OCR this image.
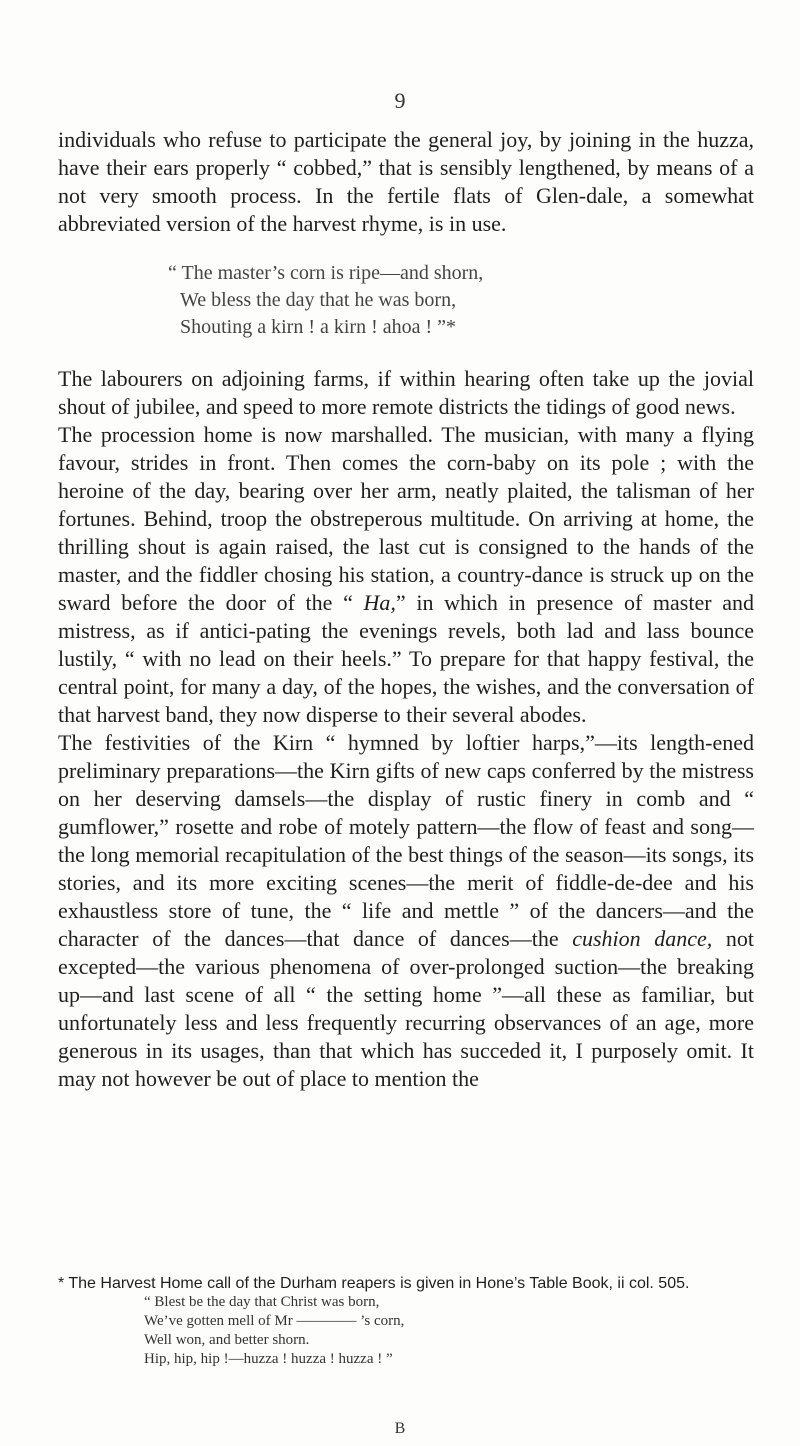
9

individuals who refuse to participate the general joy, by joining in the huzza, have their ears properly “ cobbed,” that is sensibly lengthened, by means of a not very smooth process. In the fertile flats of Glen-dale, a somewhat abbreviated version of the harvest rhyme, is in use.

“ The master’s corn is ripe—and shorn,
We bless the day that he was born,
Shouting a kirn ! a kirn ! ahoa ! ”*

The labourers on adjoining farms, if within hearing often take up the jovial shout of jubilee, and speed to more remote districts the tidings of good news.

The procession home is now marshalled. The musician, with many a flying favour, strides in front. Then comes the corn-baby on its pole ; with the heroine of the day, bearing over her arm, neatly plaited, the talisman of her fortunes. Behind, troop the obstreperous multitude. On arriving at home, the thrilling shout is again raised, the last cut is consigned to the hands of the master, and the fiddler chosing his station, a country-dance is struck up on the sward before the door of the “ Ha,” in which in presence of master and mistress, as if antici-pating the evenings revels, both lad and lass bounce lustily, “ with no lead on their heels.” To prepare for that happy festival, the central point, for many a day, of the hopes, the wishes, and the conversation of that harvest band, they now disperse to their several abodes.

The festivities of the Kirn “ hymned by loftier harps,”—its length-ened preliminary preparations—the Kirn gifts of new caps conferred by the mistress on her deserving damsels—the display of rustic finery in comb and “ gumflower,” rosette and robe of motely pattern—the flow of feast and song—the long memorial recapitulation of the best things of the season—its songs, its stories, and its more exciting scenes—the merit of fiddle-de-dee and his exhaustless store of tune, the “ life and mettle ” of the dancers—and the character of the dances—that dance of dances—the cushion dance, not excepted—the various phenomena of over-prolonged suction—the breaking up—and last scene of all “ the setting home ”—all these as familiar, but unfortunately less and less frequently recurring observances of an age, more generous in its usages, than that which has succeded it, I purposely omit. It may not however be out of place to mention the

* The Harvest Home call of the Durham reapers is given in Hone’s Table Book, ii col. 505.
“ Blest be the day that Christ was born,
We’ve gotten mell of Mr ———— ’s corn,
Well won, and better shorn.
Hip, hip, hip !—huzza ! huzza ! huzza ! ”
B
